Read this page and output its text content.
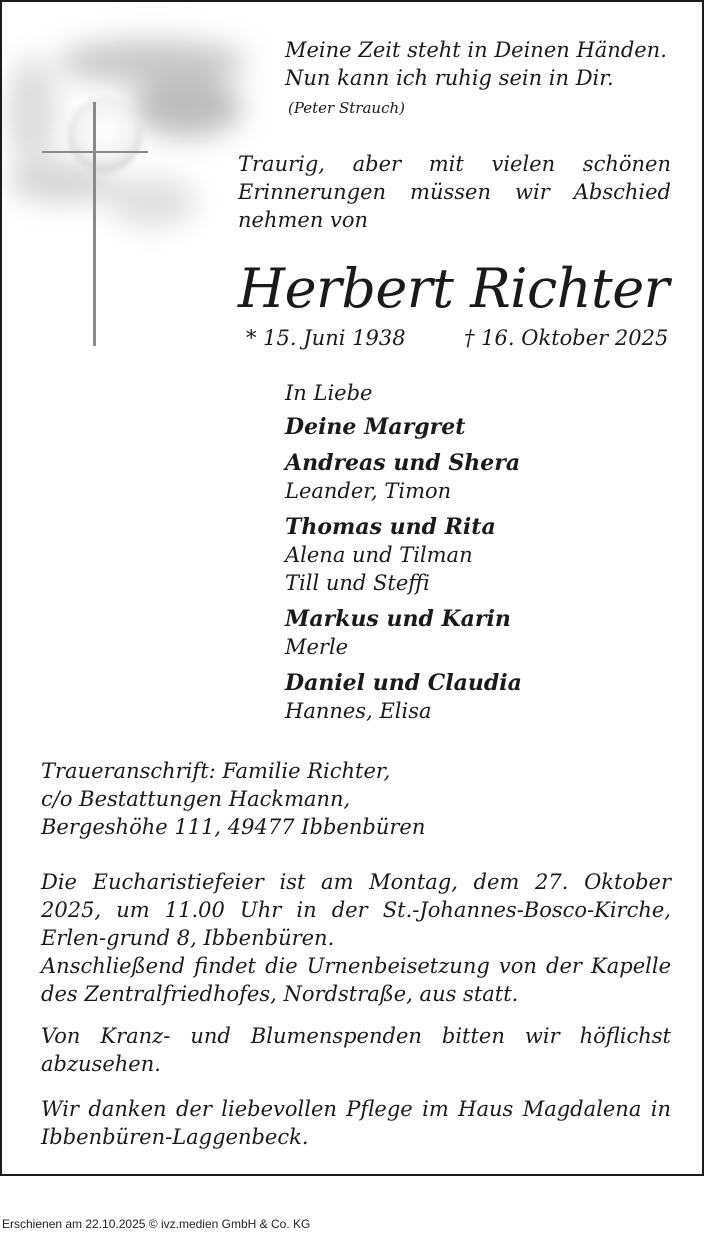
Meine Zeit steht in Deinen Händen.
Nun kann ich ruhig sein in Dir.
(Peter Strauch)
Traurig, aber mit vielen schönen Erinnerungen müssen wir Abschied nehmen von
Herbert Richter
* 15. Juni 1938	† 16. Oktober 2025
In Liebe
Deine Margret
Andreas und Shera
Leander, Timon
Thomas und Rita
Alena und Tilman
Till und Steffi
Markus und Karin
Merle
Daniel und Claudia
Hannes, Elisa
Traueranschrift: Familie Richter,
c/o Bestattungen Hackmann,
Bergeshöhe 111, 49477 Ibbenbüren
Die Eucharistiefeier ist am Montag, dem 27. Oktober 2025, um 11.00 Uhr in der St.-Johannes-Bosco-Kirche, Erlen-grund 8, Ibbenbüren.
Anschließend findet die Urnenbeisetzung von der Kapelle des Zentralfriedhofes, Nordstraße, aus statt.
Von Kranz- und Blumenspenden bitten wir höflichst abzusehen.
Wir danken der liebevollen Pflege im Haus Magdalena in Ibbenbüren-Laggenbeck.
Erschienen am 22.10.2025 © ivz.medien GmbH & Co. KG
